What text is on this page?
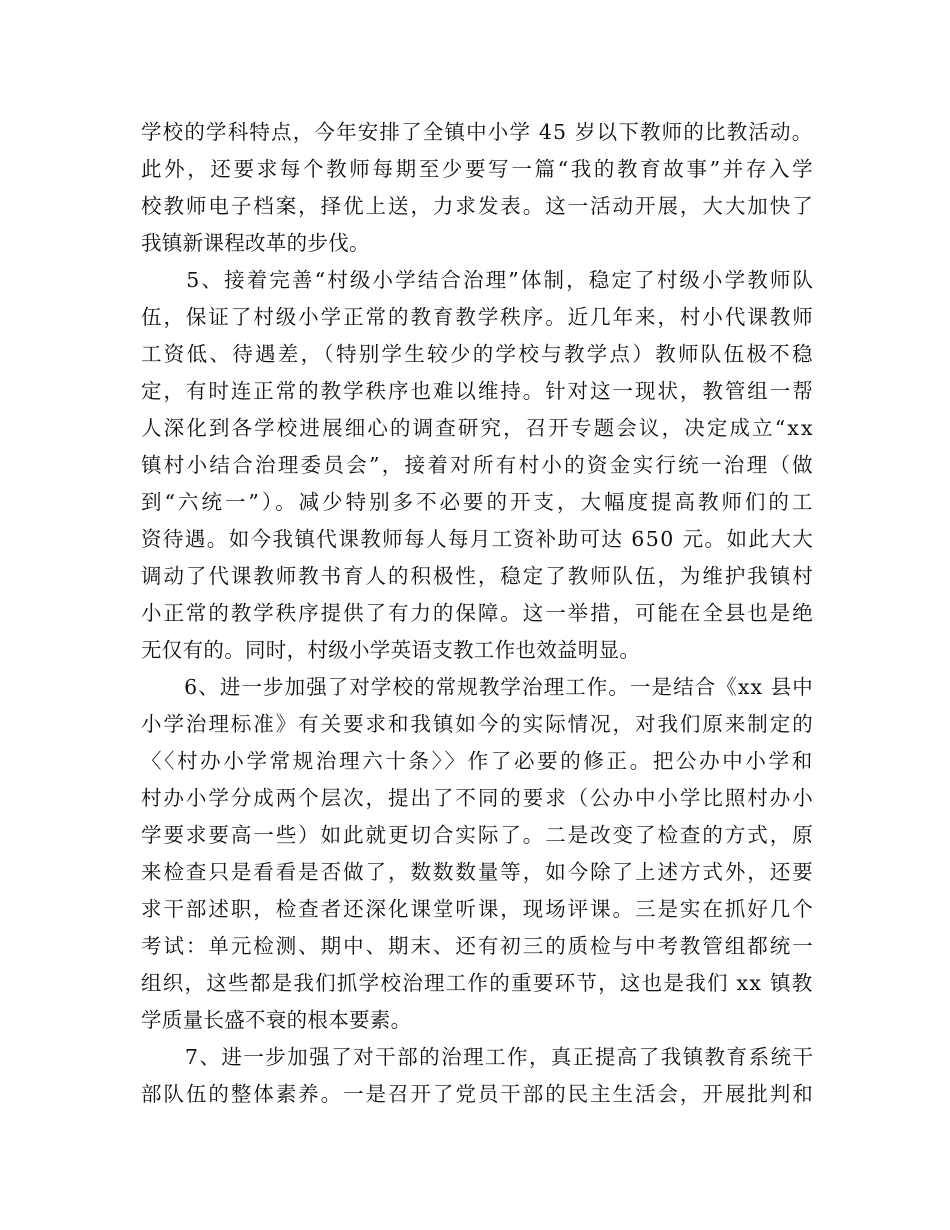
学校的学科特点，今年安排了全镇中小学 45 岁以下教师的比教活动。
此外，还要求每个教师每期至少要写一篇“我的教育故事”并存入学
校教师电子档案，择优上送，力求发表。这一活动开展，大大加快了
我镇新课程改革的步伐。
　　5、接着完善“村级小学结合治理”体制，稳定了村级小学教师队
伍，保证了村级小学正常的教育教学秩序。近几年来，村小代课教师
工资低、待遇差，（特别学生较少的学校与教学点）教师队伍极不稳
定，有时连正常的教学秩序也难以维持。针对这一现状，教管组一帮
人深化到各学校进展细心的调查研究，召开专题会议，决定成立“xx
镇村小结合治理委员会”，接着对所有村小的资金实行统一治理（做
到“六统一”）。减少特别多不必要的开支，大幅度提高教师们的工
资待遇。如今我镇代课教师每人每月工资补助可达 650 元。如此大大
调动了代课教师教书育人的积极性，稳定了教师队伍，为维护我镇村
小正常的教学秩序提供了有力的保障。这一举措，可能在全县也是绝
无仅有的。同时，村级小学英语支教工作也效益明显。
　　6、进一步加强了对学校的常规教学治理工作。一是结合《xx 县中
小学治理标准》有关要求和我镇如今的实际情况，对我们原来制定的
〈〈村办小学常规治理六十条〉〉作了必要的修正。把公办中小学和
村办小学分成两个层次，提出了不同的要求（公办中小学比照村办小
学要求要高一些）如此就更切合实际了。二是改变了检查的方式，原
来检查只是看看是否做了，数数数量等，如今除了上述方式外，还要
求干部述职，检查者还深化课堂听课，现场评课。三是实在抓好几个
考试：单元检测、期中、期末、还有初三的质检与中考教管组都统一
组织，这些都是我们抓学校治理工作的重要环节，这也是我们 xx 镇教
学质量长盛不衰的根本要素。
　　7、进一步加强了对干部的治理工作，真正提高了我镇教育系统干
部队伍的整体素养。一是召开了党员干部的民主生活会，开展批判和
